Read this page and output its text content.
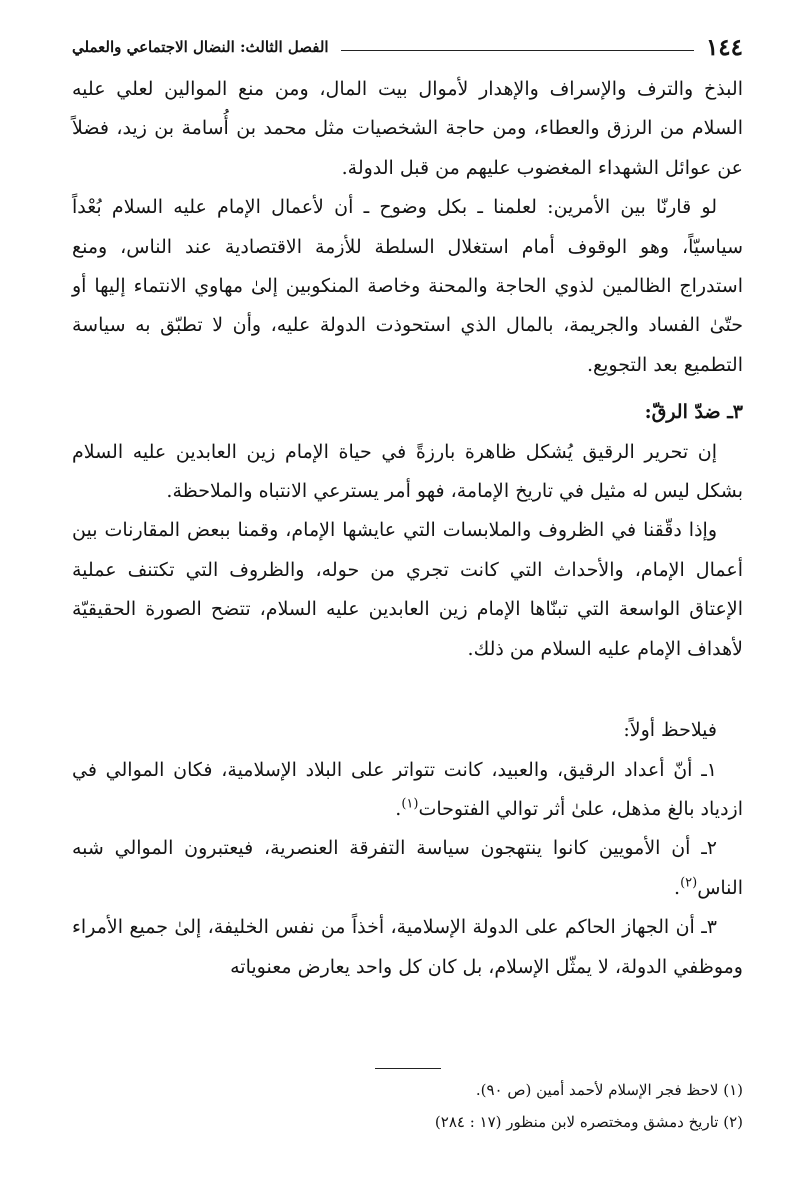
١٤٤
الفصل الثالث: النضال الاجتماعي والعملي

البذخ والترف والإسراف والإهدار لأموال بيت المال، ومن منع الموالين لعلي عليه السلام من الرزق والعطاء، ومن حاجة الشخصيات مثل محمد بن أُسامة بن زيد، فضلاً عن عوائل الشهداء المغضوب عليهم من قبل الدولة.

لو قارنّا بين الأمرين: لعلمنا ـ بكل وضوح ـ أن لأعمال الإمام عليه السلام بُعْداً سياسيّاً، وهو الوقوف أمام استغلال السلطة للأزمة الاقتصادية عند الناس، ومنع استدراج الظالمين لذوي الحاجة والمحنة وخاصة المنكوبين إلىٰ مهاوي الانتماء إليها أو حتّىٰ الفساد والجريمة، بالمال الذي استحوذت الدولة عليه، وأن لا تطبّق به سياسة التطميع بعد التجويع.

٣ـ ضدّ الرقّ:

إن تحرير الرقيق يُشكل ظاهرة بارزةً في حياة الإمام زين العابدين عليه السلام بشكل ليس له مثيل في تاريخ الإمامة، فهو أمر يسترعي الانتباه والملاحظة.

وإذا دقّقنا في الظروف والملابسات التي عايشها الإمام، وقمنا ببعض المقارنات بين أعمال الإمام، والأحداث التي كانت تجري من حوله، والظروف التي تكتنف عملية الإعتاق الواسعة التي تبنّاها الإمام زين العابدين عليه السلام، تتضح الصورة الحقيقيّة لأهداف الإمام عليه السلام من ذلك.

فيلاحظ أولاً:

١ـ أنّ أعداد الرقيق، والعبيد، كانت تتواتر على البلاد الإسلامية، فكان الموالي في ازدياد بالغ مذهل، علىٰ أثر توالي الفتوحات$^{(١)}$.

٢ـ أن الأمويين كانوا ينتهجون سياسة التفرقة العنصرية، فيعتبرون الموالي شبه الناس$^{(٢)}$.

٣ـ أن الجهاز الحاكم على الدولة الإسلامية، أخذاً من نفس الخليفة، إلىٰ جميع الأمراء وموظفي الدولة، لا يمثّل الإسلام، بل كان كل واحد يعارض معنوياته

(١) لاحظ فجر الإسلام لأحمد أمين (ص ٩٠).
(٢) تاريخ دمشق ومختصره لابن منظور (١٧ : ٢٨٤)
